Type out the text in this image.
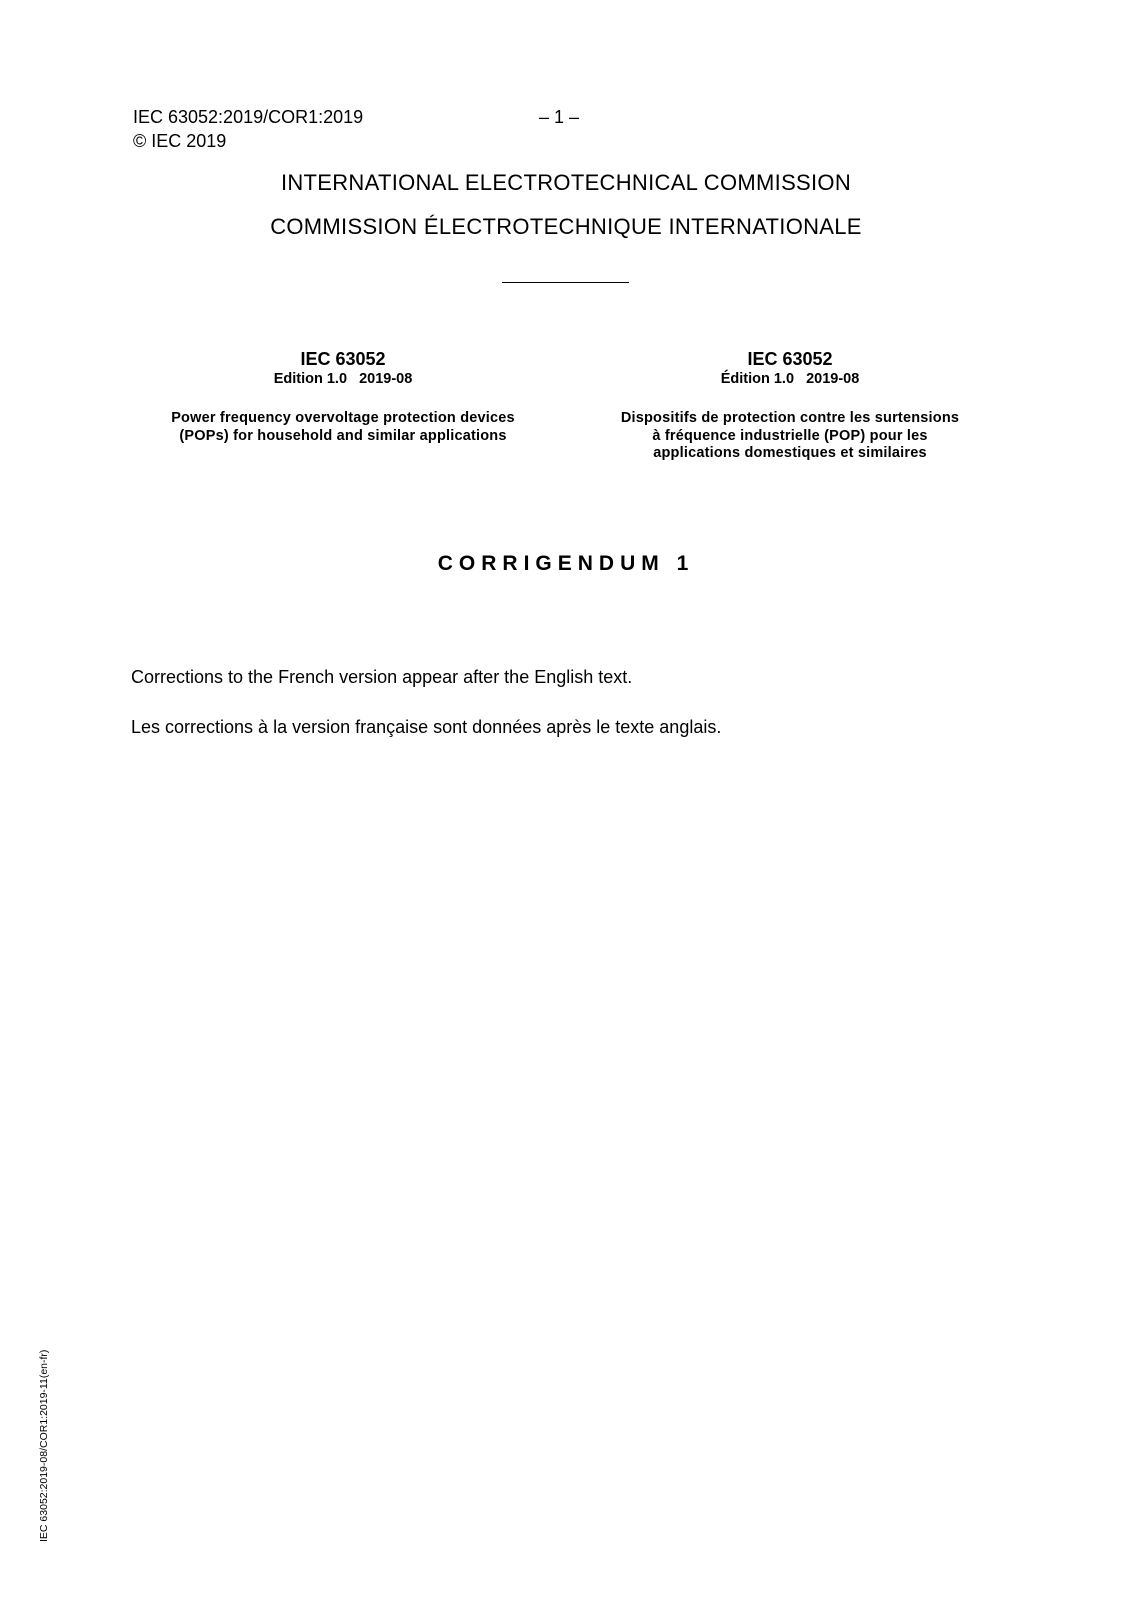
IEC 63052:2019/COR1:2019
© IEC 2019
– 1 –
INTERNATIONAL ELECTROTECHNICAL COMMISSION
COMMISSION ÉLECTROTECHNIQUE INTERNATIONALE
IEC 63052
Edition 1.0   2019-08
Power frequency overvoltage protection devices
(POPs) for household and similar applications
IEC 63052
Édition 1.0   2019-08
Dispositifs de protection contre les surtensions
à fréquence industrielle (POP) pour les
applications domestiques et similaires
CORRIGENDUM 1
Corrections to the French version appear after the English text.
Les corrections à la version française sont données après le texte anglais.
IEC 63052:2019-08/COR1:2019-11(en-fr)
